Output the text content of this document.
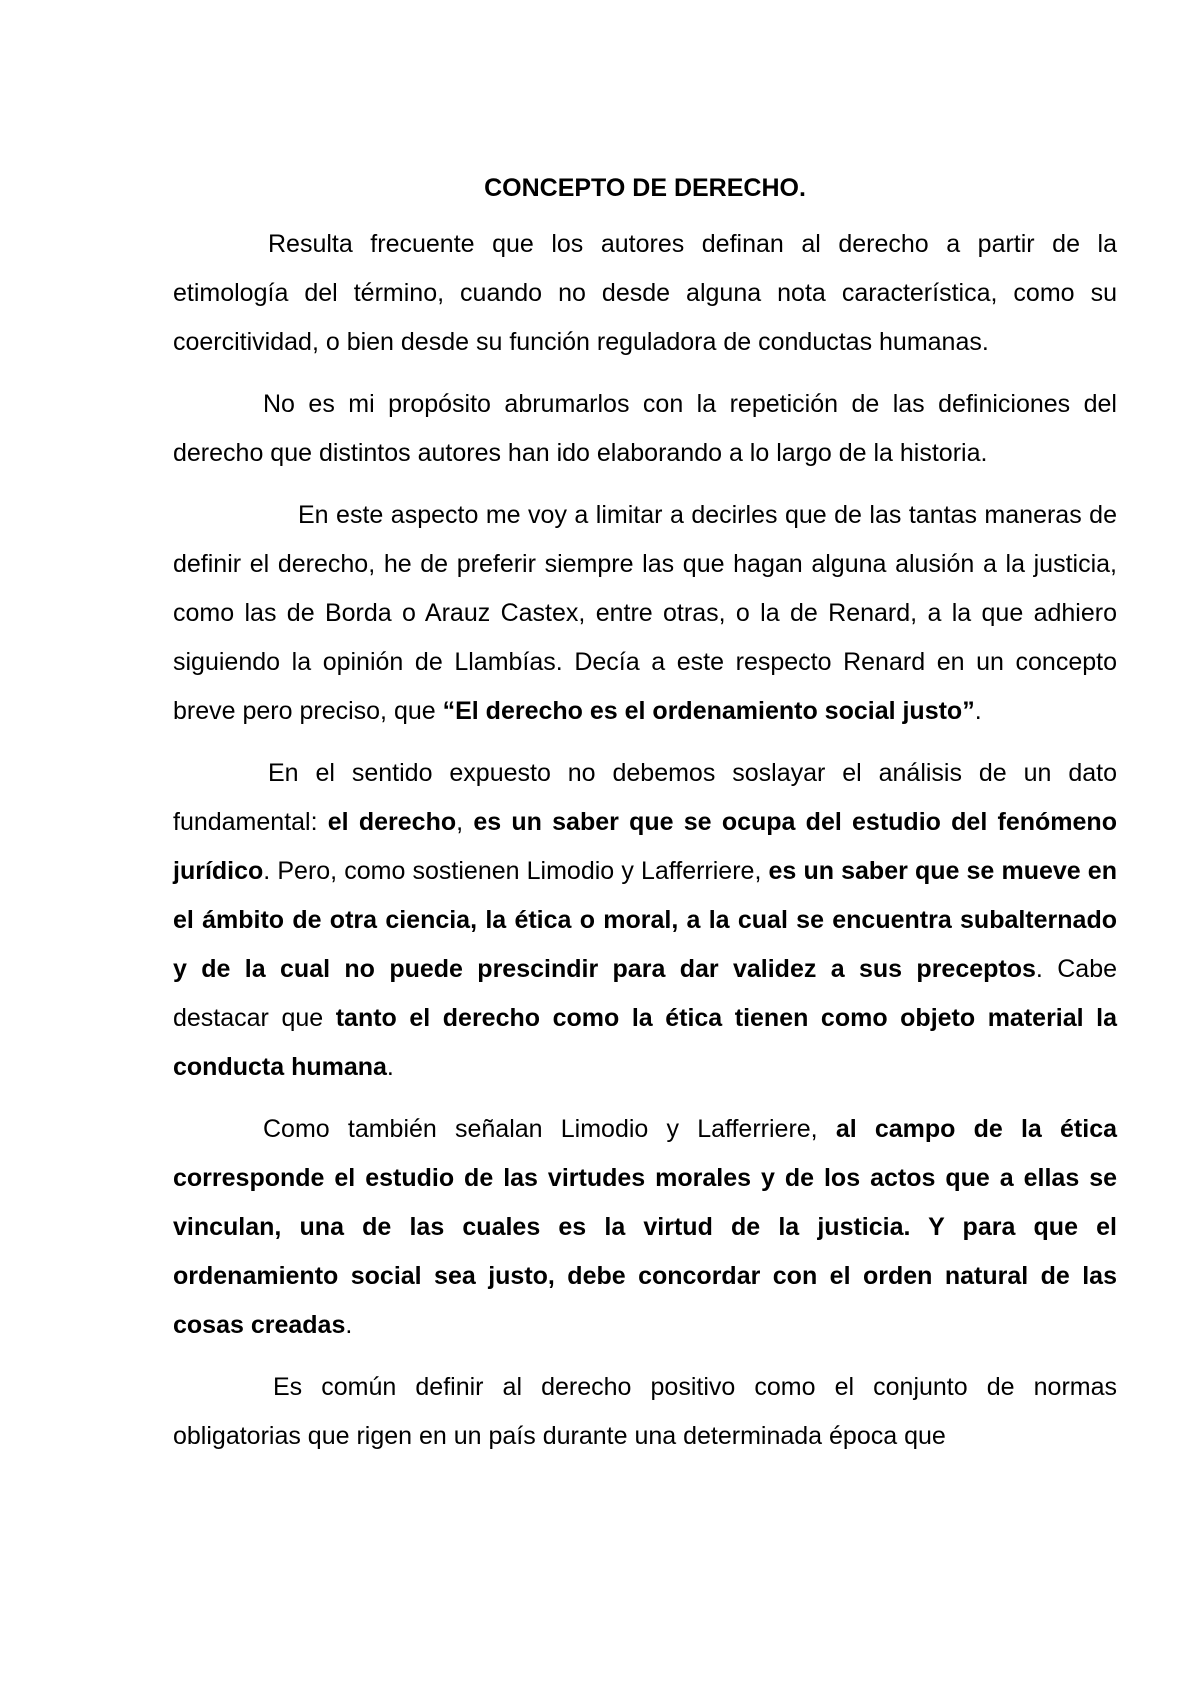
CONCEPTO DE DERECHO.

Resulta frecuente que los autores definan al derecho a partir de la etimología del término, cuando no desde alguna nota característica, como su coercitividad, o bien desde su función reguladora de conductas humanas.

No es mi propósito abrumarlos con la repetición de las definiciones del derecho que distintos autores han ido elaborando a lo largo de la historia.

En este aspecto me voy a limitar a decirles que de las tantas maneras de definir el derecho, he de preferir siempre las que hagan alguna alusión a la justicia, como las de Borda o Arauz Castex, entre otras, o la de Renard, a la que adhiero siguiendo la opinión de Llambías. Decía a este respecto Renard en un concepto breve pero preciso, que “El derecho es el ordenamiento social justo”.

En el sentido expuesto no debemos soslayar el análisis de un dato fundamental: el derecho, es un saber que se ocupa del estudio del fenómeno jurídico. Pero, como sostienen Limodio y Lafferriere, es un saber que se mueve en el ámbito de otra ciencia, la ética o moral, a la cual se encuentra subalternado y de la cual no puede prescindir para dar validez a sus preceptos. Cabe destacar que tanto el derecho como la ética tienen como objeto material la conducta humana.

Como también señalan Limodio y Lafferriere, al campo de la ética corresponde el estudio de las virtudes morales y de los actos que a ellas se vinculan, una de las cuales es la virtud de la justicia. Y para que el ordenamiento social sea justo, debe concordar con el orden natural de las cosas creadas.

Es común definir al derecho positivo como el conjunto de normas obligatorias que rigen en un país durante una determinada época que
